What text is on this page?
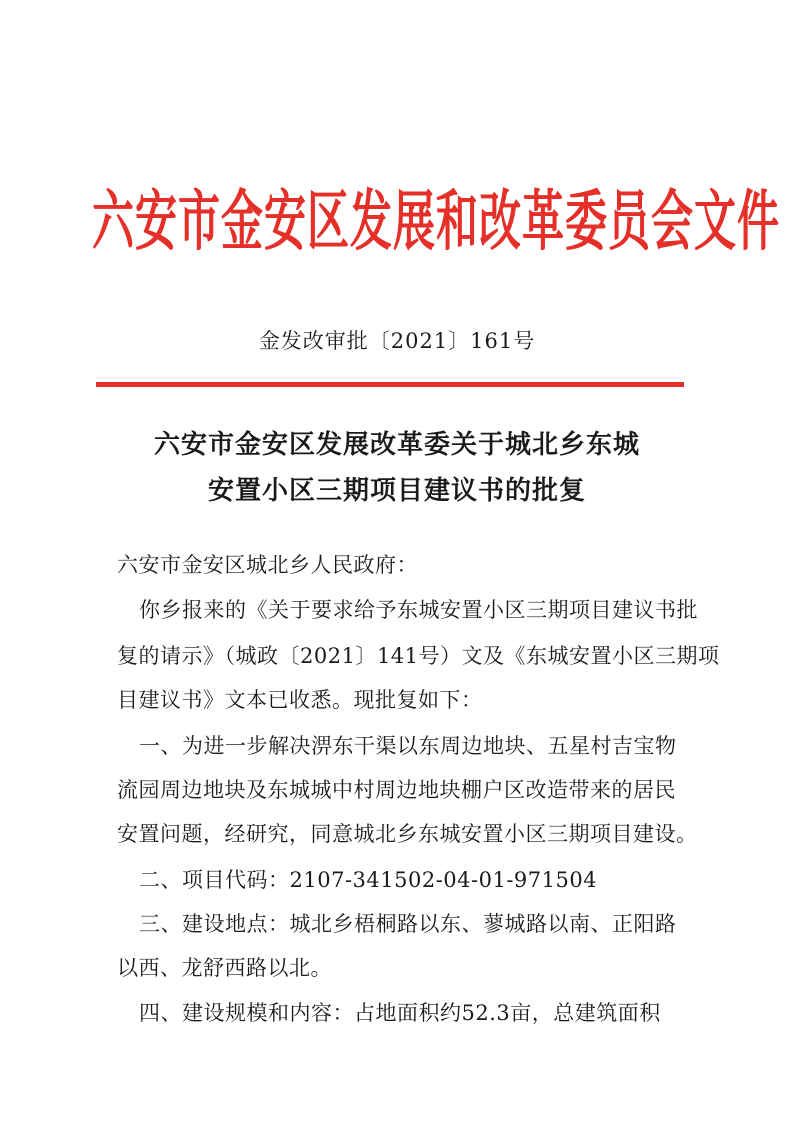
六安市金安区发展和改革委员会文件
金发改审批〔2021〕161号
六安市金安区发展改革委关于城北乡东城
安置小区三期项目建议书的批复
六安市金安区城北乡人民政府：
你乡报来的《关于要求给予东城安置小区三期项目建议书批
复的请示》（城政〔2021〕141号）文及《东城安置小区三期项
目建议书》文本已收悉。现批复如下：
一、为进一步解决淠东干渠以东周边地块、五星村吉宝物
流园周边地块及东城城中村周边地块棚户区改造带来的居民
安置问题，经研究，同意城北乡东城安置小区三期项目建设。
二、项目代码：2107-341502-04-01-971504
三、建设地点：城北乡梧桐路以东、蓼城路以南、正阳路
以西、龙舒西路以北。
四、建设规模和内容：占地面积约52.3亩，总建筑面积
